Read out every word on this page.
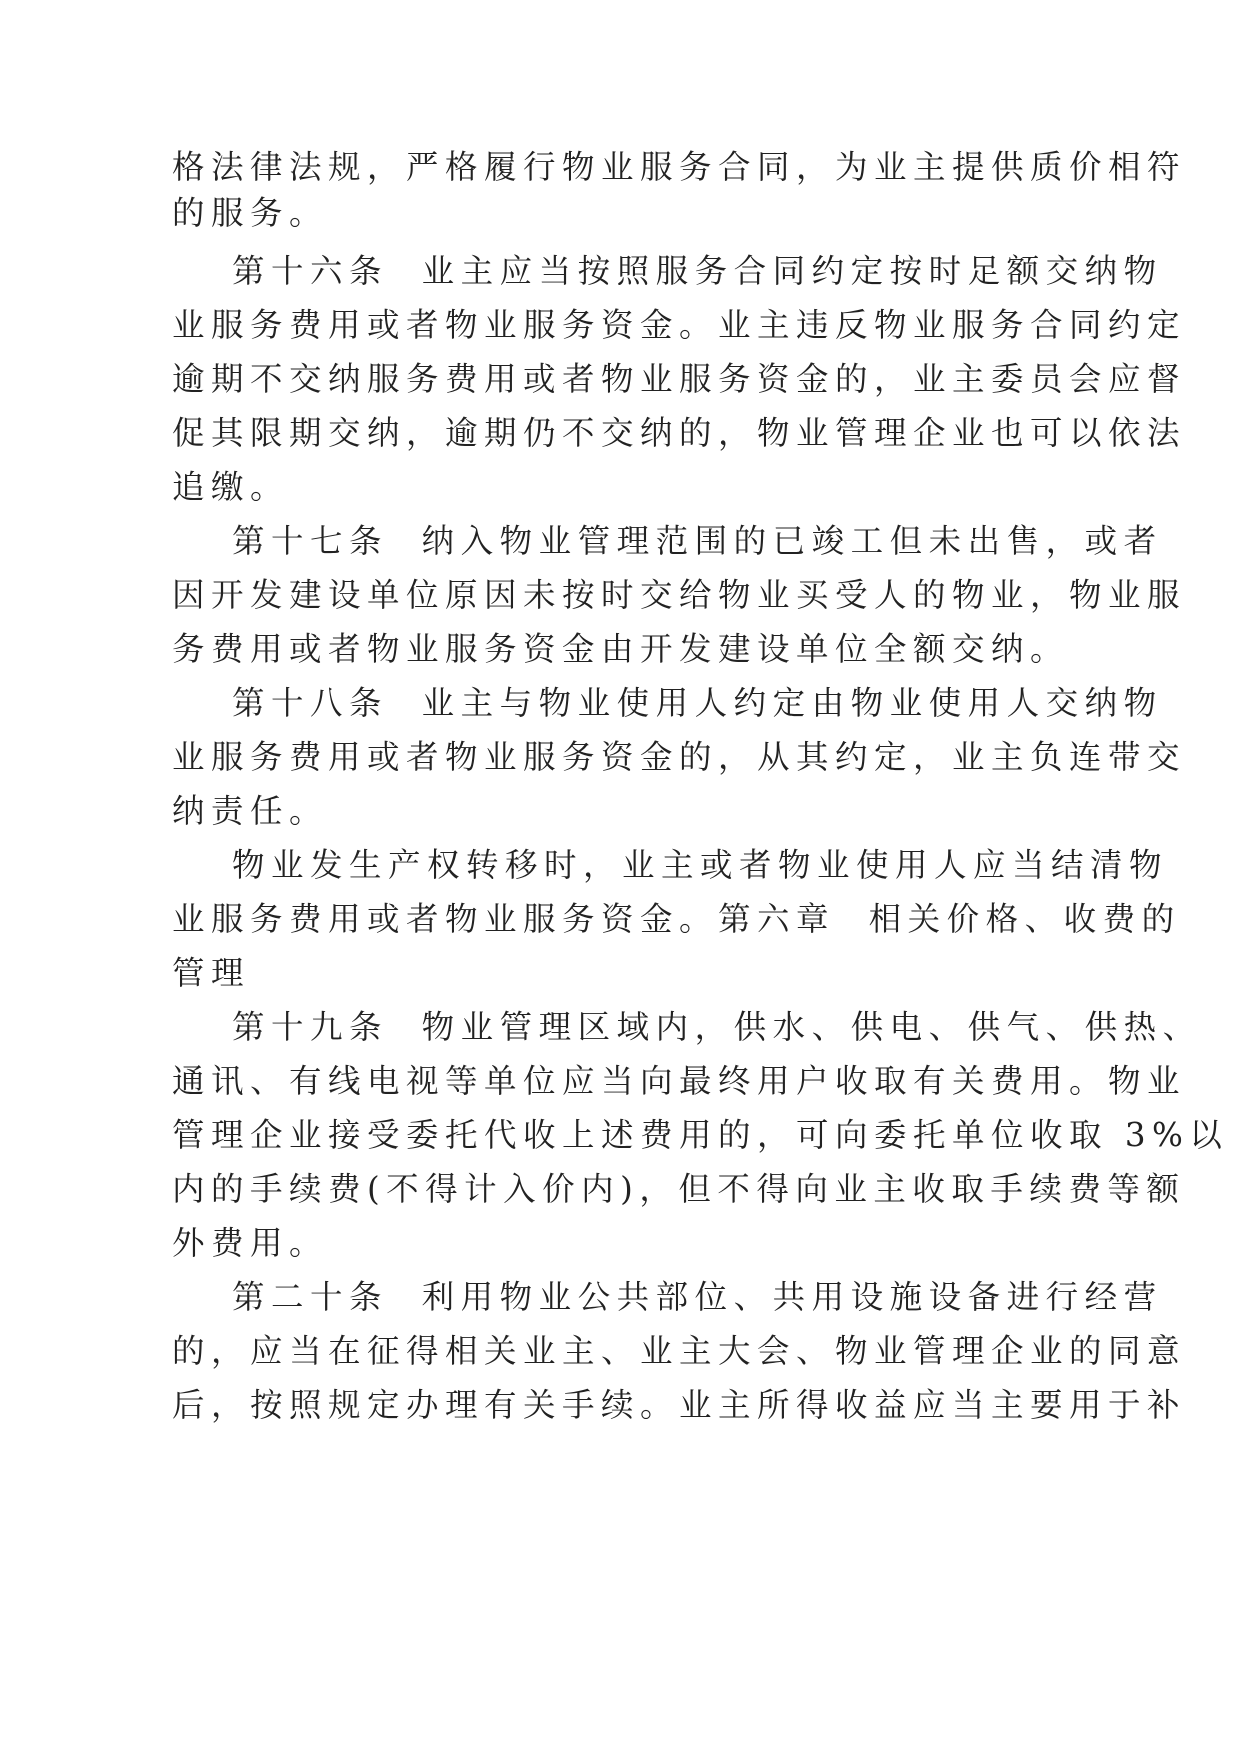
格法律法规，严格履行物业服务合同，为业主提供质价相符
的服务。
第十六条  业主应当按照服务合同约定按时足额交纳物
业服务费用或者物业服务资金。业主违反物业服务合同约定
逾期不交纳服务费用或者物业服务资金的，业主委员会应督
促其限期交纳，逾期仍不交纳的，物业管理企业也可以依法
追缴。
第十七条  纳入物业管理范围的已竣工但未出售，或者
因开发建设单位原因未按时交给物业买受人的物业，物业服
务费用或者物业服务资金由开发建设单位全额交纳。
第十八条  业主与物业使用人约定由物业使用人交纳物
业服务费用或者物业服务资金的，从其约定，业主负连带交
纳责任。
物业发生产权转移时，业主或者物业使用人应当结清物
业服务费用或者物业服务资金。第六章  相关价格、收费的
管理
第十九条  物业管理区域内，供水、供电、供气、供热、
通讯、有线电视等单位应当向最终用户收取有关费用。物业
管理企业接受委托代收上述费用的，可向委托单位收取 3%以
内的手续费(不得计入价内)，但不得向业主收取手续费等额
外费用。
第二十条  利用物业公共部位、共用设施设备进行经营
的，应当在征得相关业主、业主大会、物业管理企业的同意
后，按照规定办理有关手续。业主所得收益应当主要用于补
